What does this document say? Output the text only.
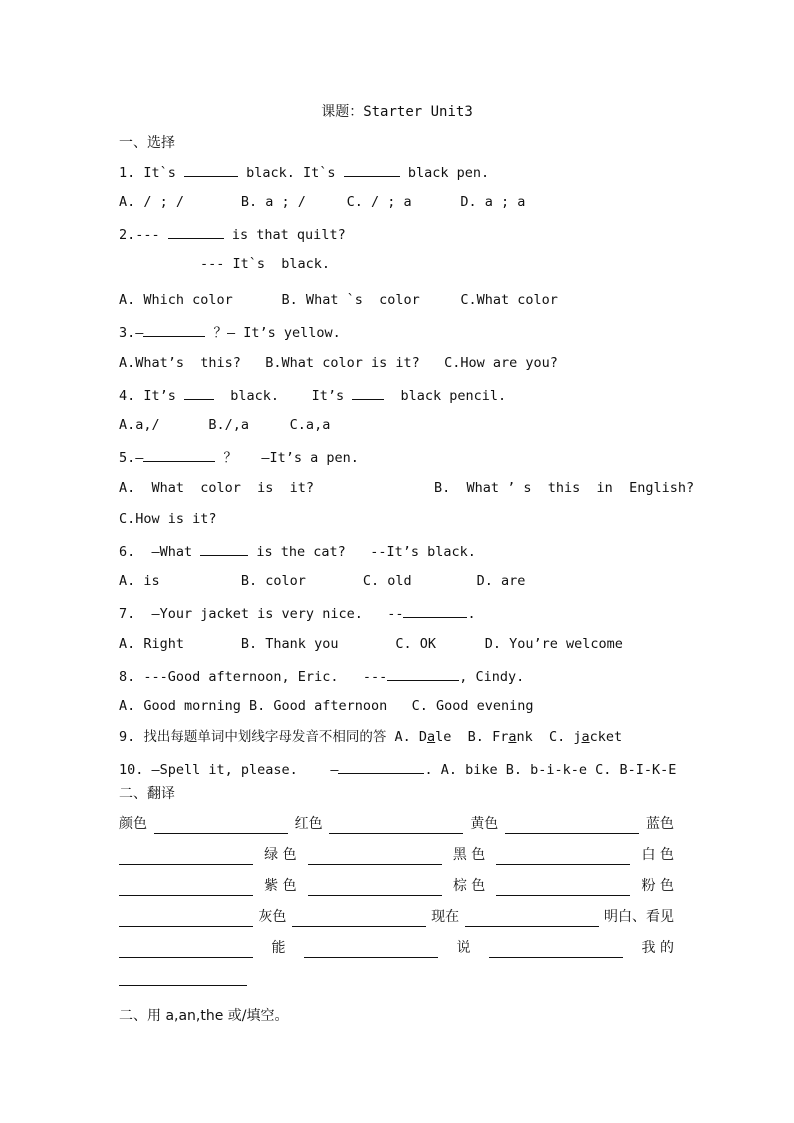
课题：Starter Unit3
一、选择
1. It`s	black. It`s	black pen.
A. / ; /       B. a ; /     C. / ; a      D. a ; a
2.---	is that quilt?
--- It`s  black.
A. Which color      B. What `s  color     C.What color
3.—	？— It’s yellow.
A.What’s  this?   B.What color is it?   C.How are you?
4. It’s   black.    It’s   black pencil.
A.a,/      B./,a     C.a,a
5.—	？   —It’s a pen.
A.  What  color  is  it?	B.  What ’ s  this  in  English?
C.How is it?
6.  –What	is the cat?   --It’s black.
A. is          B. color       C. old        D. are
7.  –Your jacket is very nice.   --	.
A. Right       B. Thank you       C. OK      D. You’re welcome
8. ---Good afternoon, Eric.   ---	, Cindy.
A. Good morning B. Good afternoon   C. Good evening
9. 找出每题单词中划线字母发音不相同的答 A. Dale  B. Frank  C. jacket
10. —Spell it, please.    —	. A. bike B. b-i-k-e C. B-I-K-E
二、翻译
颜色	红色	黄色	蓝色
绿 色	黑 色	白 色
紫 色	棕 色	粉 色
灰色	现在	明白、看见
能	说	我 的
二、用 a,an,the 或/填空。
